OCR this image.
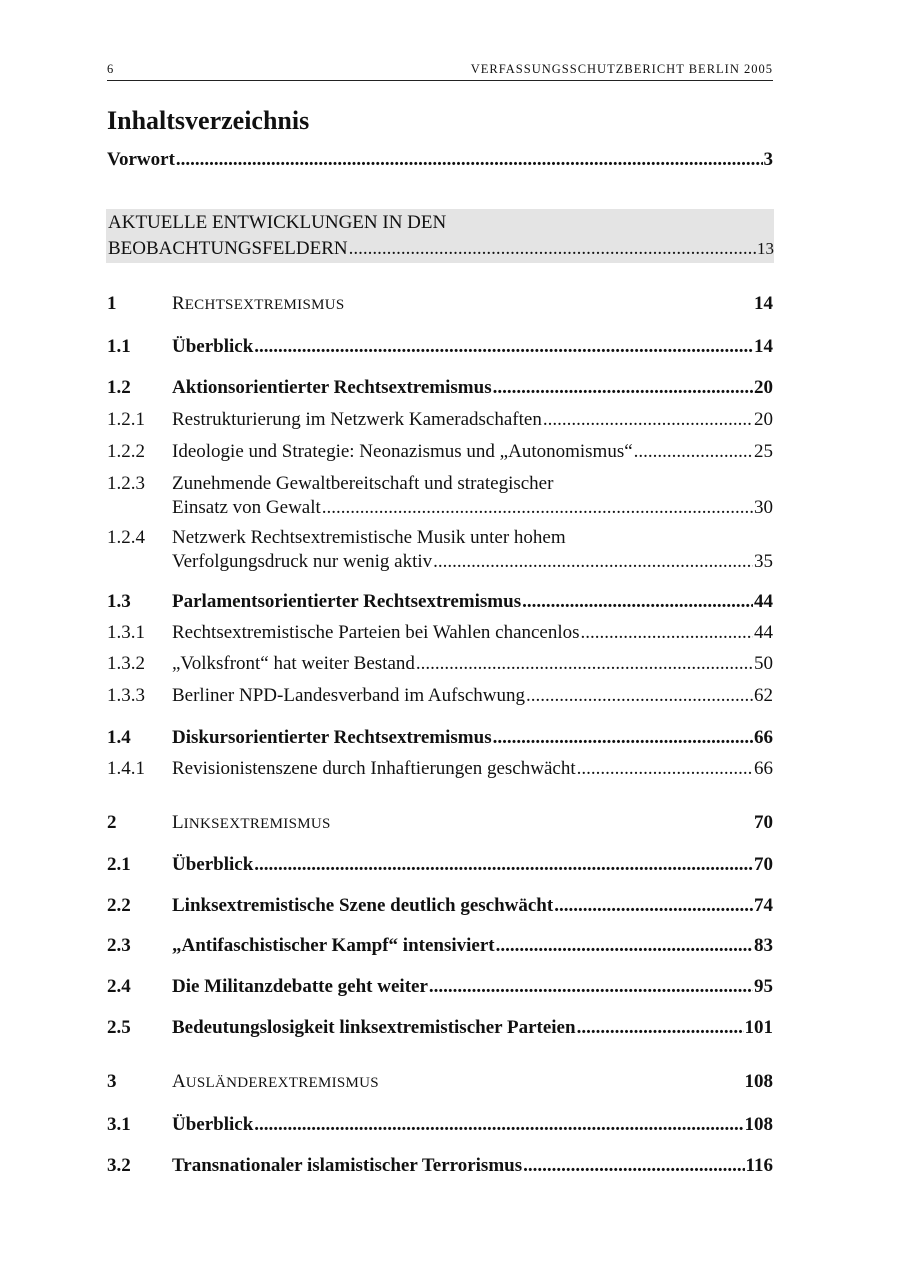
6	VERFASSUNGSSCHUTZBERICHT BERLIN 2005
Inhaltsverzeichnis
Vorwort .....	3
AKTUELLE ENTWICKLUNGEN IN DEN
BEOBACHTUNGSFELDERN .....	13
1	RECHTSEXTREMISMUS	14
1.1 Überblick .....	14
1.2 Aktionsorientierter Rechtsextremismus .....	20
1.2.1 Restrukturierung im Netzwerk Kameradschaften .....	20
1.2.2 Ideologie und Strategie: Neonazismus und „Autonomismus“ .....	25
1.2.3 Zunehmende Gewaltbereitschaft und strategischer
Einsatz von Gewalt .....	30
1.2.4 Netzwerk Rechtsextremistische Musik unter hohem
Verfolgungsdruck nur wenig aktiv .....	35
1.3 Parlamentsorientierter Rechtsextremismus .....	44
1.3.1 Rechtsextremistische Parteien bei Wahlen chancenlos .....	44
1.3.2 „Volksfront“ hat weiter Bestand .....	50
1.3.3 Berliner NPD-Landesverband im Aufschwung .....	62
1.4 Diskursorientierter Rechtsextremismus .....	66
1.4.1 Revisionistenszene durch Inhaftierungen geschwächt .....	66
2	LINKSEXTREMISMUS	70
2.1 Überblick .....	70
2.2 Linksextremistische Szene deutlich geschwächt .....	74
2.3 „Antifaschistischer Kampf“ intensiviert .....	83
2.4 Die Militanzdebatte geht weiter .....	95
2.5 Bedeutungslosigkeit linksextremistischer Parteien .....	101
3	AUSLÄNDEREXTREMISMUS	108
3.1 Überblick .....	108
3.2 Transnationaler islamistischer Terrorismus .....	116
